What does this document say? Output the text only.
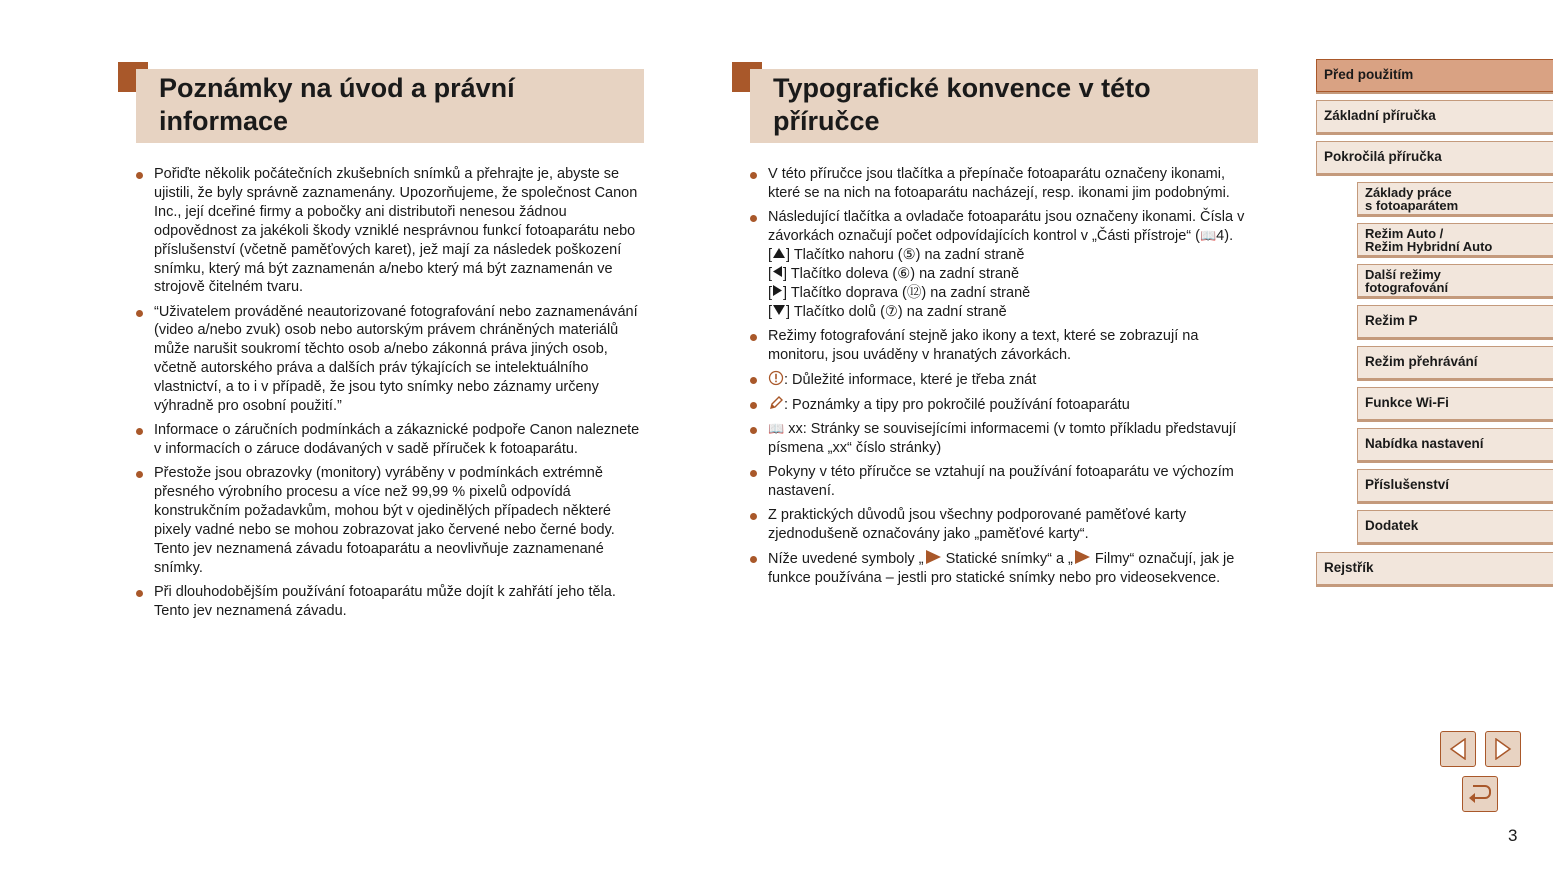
Poznámky na úvod a právní
informace
Pořiďte několik počátečních zkušebních snímků a přehrajte je, abyste se ujistili, že byly správně zaznamenány. Upozorňujeme, že společnost Canon Inc., její dceřiné firmy a pobočky ani distributoři nenesou žádnou odpovědnost za jakékoli škody vzniklé nesprávnou funkcí fotoaparátu nebo příslušenství (včetně paměťových karet), jež mají za následek poškození snímku, který má být zaznamenán a/nebo který má být zaznamenán ve strojově čitelném tvaru.
“Uživatelem prováděné neautorizované fotografování nebo zaznamenávání (video a/nebo zvuk) osob nebo autorským právem chráněných materiálů může narušit soukromí těchto osob a/nebo zákonná práva jiných osob, včetně autorského práva a dalších práv týkajících se intelektuálního vlastnictví, a to i v případě, že jsou tyto snímky nebo záznamy určeny výhradně pro osobní použití.”
Informace o záručních podmínkách a zákaznické podpoře Canon naleznete v informacích o záruce dodávaných v sadě příruček k fotoaparátu.
Přestože jsou obrazovky (monitory) vyráběny v podmínkách extrémně přesného výrobního procesu a více než 99,99 % pixelů odpovídá konstrukčním požadavkům, mohou být v ojedinělých případech některé pixely vadné nebo se mohou zobrazovat jako červené nebo černé body. Tento jev neznamená závadu fotoaparátu a neovlivňuje zaznamenané snímky.
Při dlouhodobějším používání fotoaparátu může dojít k zahřátí jeho těla. Tento jev neznamená závadu.
Typografické konvence v této
příručce
V této příručce jsou tlačítka a přepínače fotoaparátu označeny ikonami, které se na nich na fotoaparátu nacházejí, resp. ikonami jim podobnými.
Následující tlačítka a ovladače fotoaparátu jsou označeny ikonami. Čísla v závorkách označují počet odpovídajících kontrol v „Části přístroje“ (📖4).
[ ] Tlačítko nahoru (⑤) na zadní straně
[ ] Tlačítko doleva (⑥) na zadní straně
[ ] Tlačítko doprava (⑫) na zadní straně
[ ] Tlačítko dolů (⑦) na zadní straně
Režimy fotografování stejně jako ikony a text, které se zobrazují na monitoru, jsou uváděny v hranatých závorkách.
: Důležité informace, které je třeba znát
: Poznámky a tipy pro pokročilé používání fotoaparátu
📖 xx: Stránky se souvisejícími informacemi (v tomto příkladu představují písmena „xx“ číslo stránky)
Pokyny v této příručce se vztahují na používání fotoaparátu ve výchozím nastavení.
Z praktických důvodů jsou všechny podporované paměťové karty zjednodušeně označovány jako „paměťové karty“.
Níže uvedené symboly „ Statické snímky“ a „ Filmy“ označují, jak je funkce používána – jestli pro statické snímky nebo pro videosekvence.
Před použitím
Základní příručka
Pokročilá příručka
Základy práce
s fotoaparátem
Režim Auto /
Režim Hybridní Auto
Další režimy
fotografování
Režim P
Režim přehrávání
Funkce Wi-Fi
Nabídka nastavení
Příslušenství
Dodatek
Rejstřík
3
